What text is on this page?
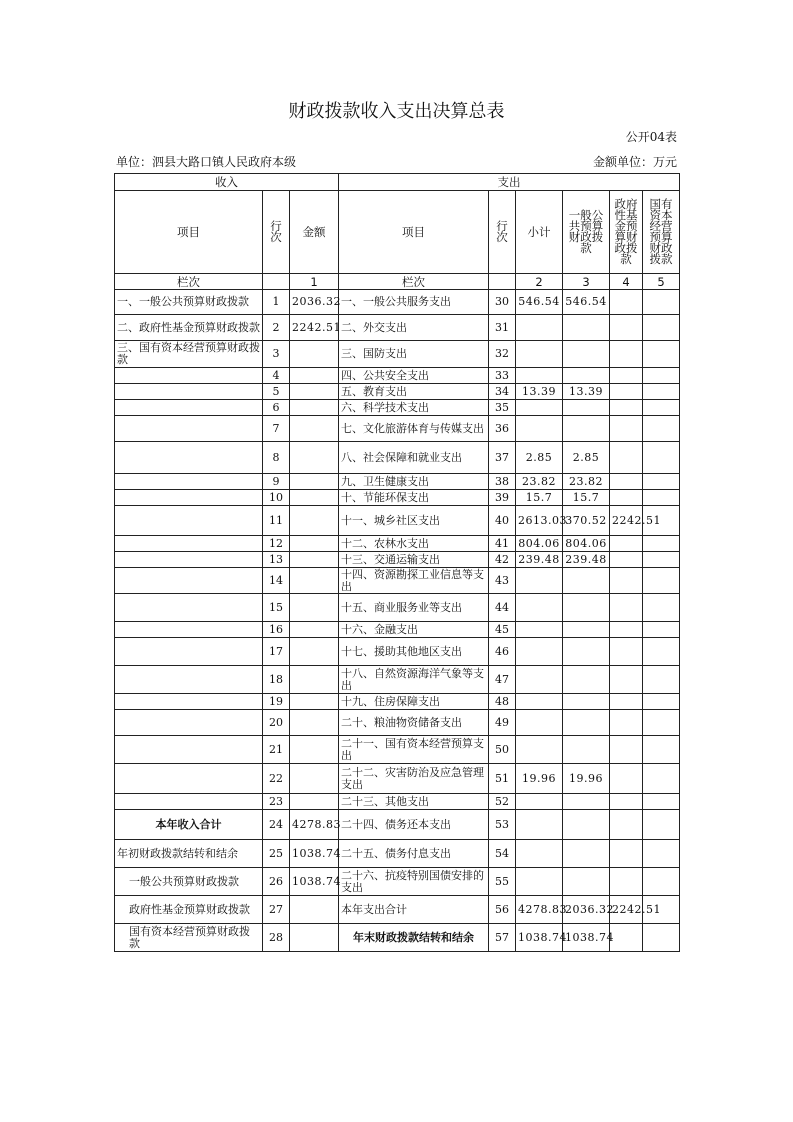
财政拨款收入支出决算总表
公开04表
单位：泗县大路口镇人民政府本级	金额单位：万元
收入			支出					
项目	行次	金额	项目	行次	小计	一般公共预算财政拨款	政府性基金预算财政拨款	国有资本经营预算财政拨款

栏次		1	栏次		2	3	4	5
一、一般公共预算财政拨款	1	2036.32	一、一般公共服务支出	30	546.54	546.54		
二、政府性基金预算财政拨款	2	2242.51	二、外交支出	31				
三、国有资本经营预算财政拨款	3		三、国防支出	32				
	4		四、公共安全支出	33				
	5		五、教育支出	34	13.39	13.39		
	6		六、科学技术支出	35				
	7		七、文化旅游体育与传媒支出	36				
	8		八、社会保障和就业支出	37	2.85	2.85		
	9		九、卫生健康支出	38	23.82	23.82		
	10		十、节能环保支出	39	15.7	15.7		
	11		十一、城乡社区支出	40	2613.03	370.52	2242.51	
	12		十二、农林水支出	41	804.06	804.06		
	13		十三、交通运输支出	42	239.48	239.48		
	14		十四、资源勘探工业信息等支出	43				
	15		十五、商业服务业等支出	44				
	16		十六、金融支出	45				
	17		十七、援助其他地区支出	46				
	18		十八、自然资源海洋气象等支出	47				
	19		十九、住房保障支出	48				
	20		二十、粮油物资储备支出	49				
	21		二十一、国有资本经营预算支出	50				
	22		二十二、灾害防治及应急管理支出	51	19.96	19.96		
	23		二十三、其他支出	52				
本年收入合计	24	4278.83	二十四、债务还本支出	53				
年初财政拨款结转和结余	25	1038.74	二十五、债务付息支出	54				
一般公共预算财政拨款	26	1038.74	二十六、抗疫特别国债安排的支出	55				
政府性基金预算财政拨款	27		本年支出合计	56	4278.83	2036.32	2242.51	
国有资本经营预算财政拨款	28		年末财政拨款结转和结余	57	1038.74	1038.74		
